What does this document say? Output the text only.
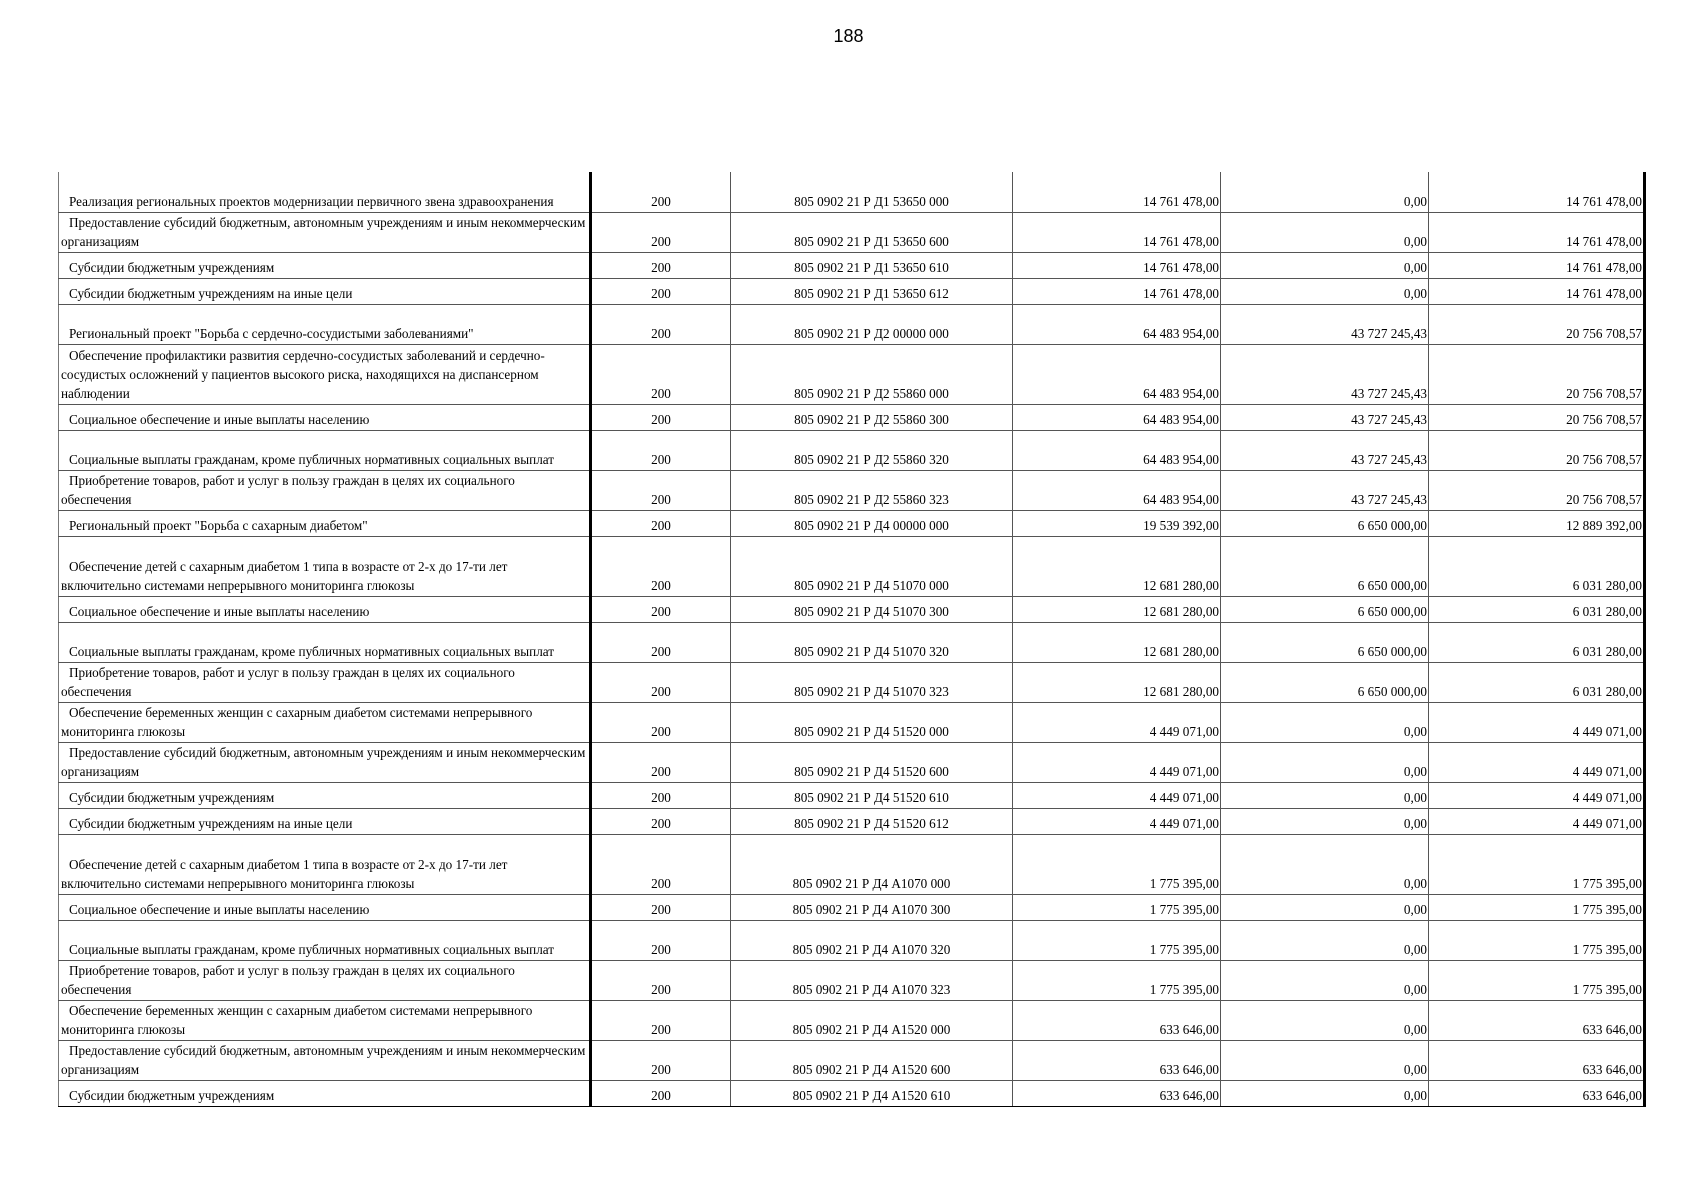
188
Реализация региональных проектов модернизации первичного звена здравоохранения	200	805 0902 21 Р Д1 53650 000	14 761 478,00	0,00	14 761 478,00

Предоставление субсидий бюджетным, автономным учреждениям и иным некоммерческим организациям	200	805 0902 21 Р Д1 53650 600	14 761 478,00	0,00	14 761 478,00

Субсидии бюджетным учреждениям	200	805 0902 21 Р Д1 53650 610	14 761 478,00	0,00	14 761 478,00

Субсидии бюджетным учреждениям на иные цели	200	805 0902 21 Р Д1 53650 612	14 761 478,00	0,00	14 761 478,00

Региональный проект "Борьба с сердечно-сосудистыми заболеваниями"	200	805 0902 21 Р Д2 00000 000	64 483 954,00	43 727 245,43	20 756 708,57

Обеспечение профилактики развития сердечно-сосудистых заболеваний и сердечно-сосудистых осложнений у пациентов высокого риска, находящихся на диспансерном наблюдении	200	805 0902 21 Р Д2 55860 000	64 483 954,00	43 727 245,43	20 756 708,57

Социальное обеспечение и иные выплаты населению	200	805 0902 21 Р Д2 55860 300	64 483 954,00	43 727 245,43	20 756 708,57

Социальные выплаты гражданам, кроме публичных нормативных социальных выплат	200	805 0902 21 Р Д2 55860 320	64 483 954,00	43 727 245,43	20 756 708,57

Приобретение товаров, работ и услуг в пользу граждан в целях их социального обеспечения	200	805 0902 21 Р Д2 55860 323	64 483 954,00	43 727 245,43	20 756 708,57

Региональный проект "Борьба с сахарным диабетом"	200	805 0902 21 Р Д4 00000 000	19 539 392,00	6 650 000,00	12 889 392,00

Обеспечение детей с сахарным диабетом 1 типа в возрасте от 2-х до 17-ти лет включительно системами непрерывного мониторинга глюкозы	200	805 0902 21 Р Д4 51070 000	12 681 280,00	6 650 000,00	6 031 280,00

Социальное обеспечение и иные выплаты населению	200	805 0902 21 Р Д4 51070 300	12 681 280,00	6 650 000,00	6 031 280,00

Социальные выплаты гражданам, кроме публичных нормативных социальных выплат	200	805 0902 21 Р Д4 51070 320	12 681 280,00	6 650 000,00	6 031 280,00

Приобретение товаров, работ и услуг в пользу граждан в целях их социального обеспечения	200	805 0902 21 Р Д4 51070 323	12 681 280,00	6 650 000,00	6 031 280,00

Обеспечение беременных женщин с сахарным диабетом системами непрерывного мониторинга глюкозы	200	805 0902 21 Р Д4 51520 000	4 449 071,00	0,00	4 449 071,00

Предоставление субсидий бюджетным, автономным учреждениям и иным некоммерческим организациям	200	805 0902 21 Р Д4 51520 600	4 449 071,00	0,00	4 449 071,00

Субсидии бюджетным учреждениям	200	805 0902 21 Р Д4 51520 610	4 449 071,00	0,00	4 449 071,00

Субсидии бюджетным учреждениям на иные цели	200	805 0902 21 Р Д4 51520 612	4 449 071,00	0,00	4 449 071,00

Обеспечение детей с сахарным диабетом 1 типа в возрасте от 2-х до 17-ти лет включительно системами непрерывного мониторинга глюкозы	200	805 0902 21 Р Д4 А1070 000	1 775 395,00	0,00	1 775 395,00

Социальное обеспечение и иные выплаты населению	200	805 0902 21 Р Д4 А1070 300	1 775 395,00	0,00	1 775 395,00

Социальные выплаты гражданам, кроме публичных нормативных социальных выплат	200	805 0902 21 Р Д4 А1070 320	1 775 395,00	0,00	1 775 395,00

Приобретение товаров, работ и услуг в пользу граждан в целях их социального обеспечения	200	805 0902 21 Р Д4 А1070 323	1 775 395,00	0,00	1 775 395,00

Обеспечение беременных женщин с сахарным диабетом системами непрерывного мониторинга глюкозы	200	805 0902 21 Р Д4 А1520 000	633 646,00	0,00	633 646,00

Предоставление субсидий бюджетным, автономным учреждениям и иным некоммерческим организациям	200	805 0902 21 Р Д4 А1520 600	633 646,00	0,00	633 646,00

Субсидии бюджетным учреждениям	200	805 0902 21 Р Д4 А1520 610	633 646,00	0,00	633 646,00
